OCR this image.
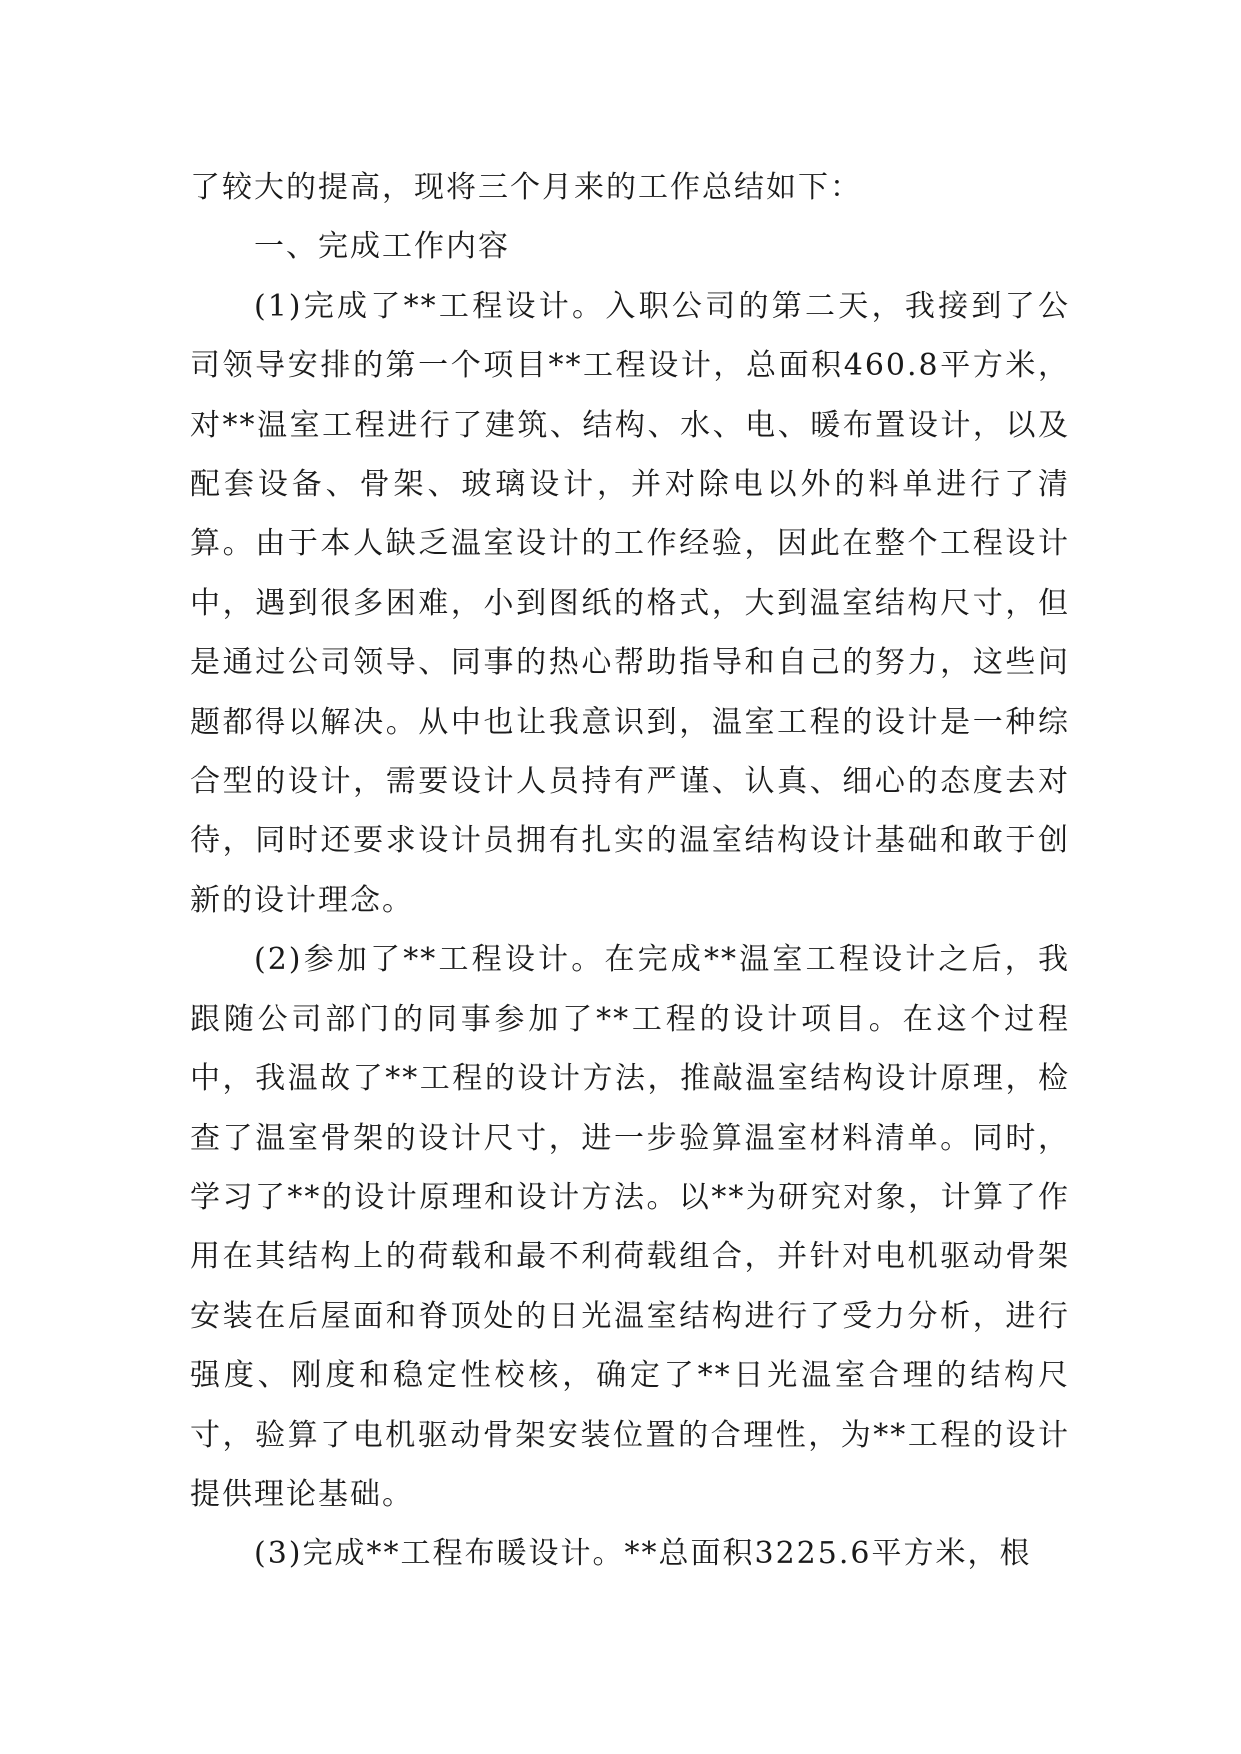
了较大的提高，现将三个月来的工作总结如下：

一、完成工作内容

(1)完成了**工程设计。入职公司的第二天，我接到了公司领导安排的第一个项目**工程设计，总面积460.8平方米，对**温室工程进行了建筑、结构、水、电、暖布置设计，以及配套设备、骨架、玻璃设计，并对除电以外的料单进行了清算。由于本人缺乏温室设计的工作经验，因此在整个工程设计中，遇到很多困难，小到图纸的格式，大到温室结构尺寸，但是通过公司领导、同事的热心帮助指导和自己的努力，这些问题都得以解决。从中也让我意识到，温室工程的设计是一种综合型的设计，需要设计人员持有严谨、认真、细心的态度去对待，同时还要求设计员拥有扎实的温室结构设计基础和敢于创新的设计理念。

(2)参加了**工程设计。在完成**温室工程设计之后，我跟随公司部门的同事参加了**工程的设计项目。在这个过程中，我温故了**工程的设计方法，推敲温室结构设计原理，检查了温室骨架的设计尺寸，进一步验算温室材料清单。同时，学习了**的设计原理和设计方法。以**为研究对象，计算了作用在其结构上的荷载和最不利荷载组合，并针对电机驱动骨架安装在后屋面和脊顶处的日光温室结构进行了受力分析，进行强度、刚度和稳定性校核，确定了**日光温室合理的结构尺寸，验算了电机驱动骨架安装位置的合理性，为**工程的设计提供理论基础。

(3)完成**工程布暖设计。**总面积3225.6平方米，根
